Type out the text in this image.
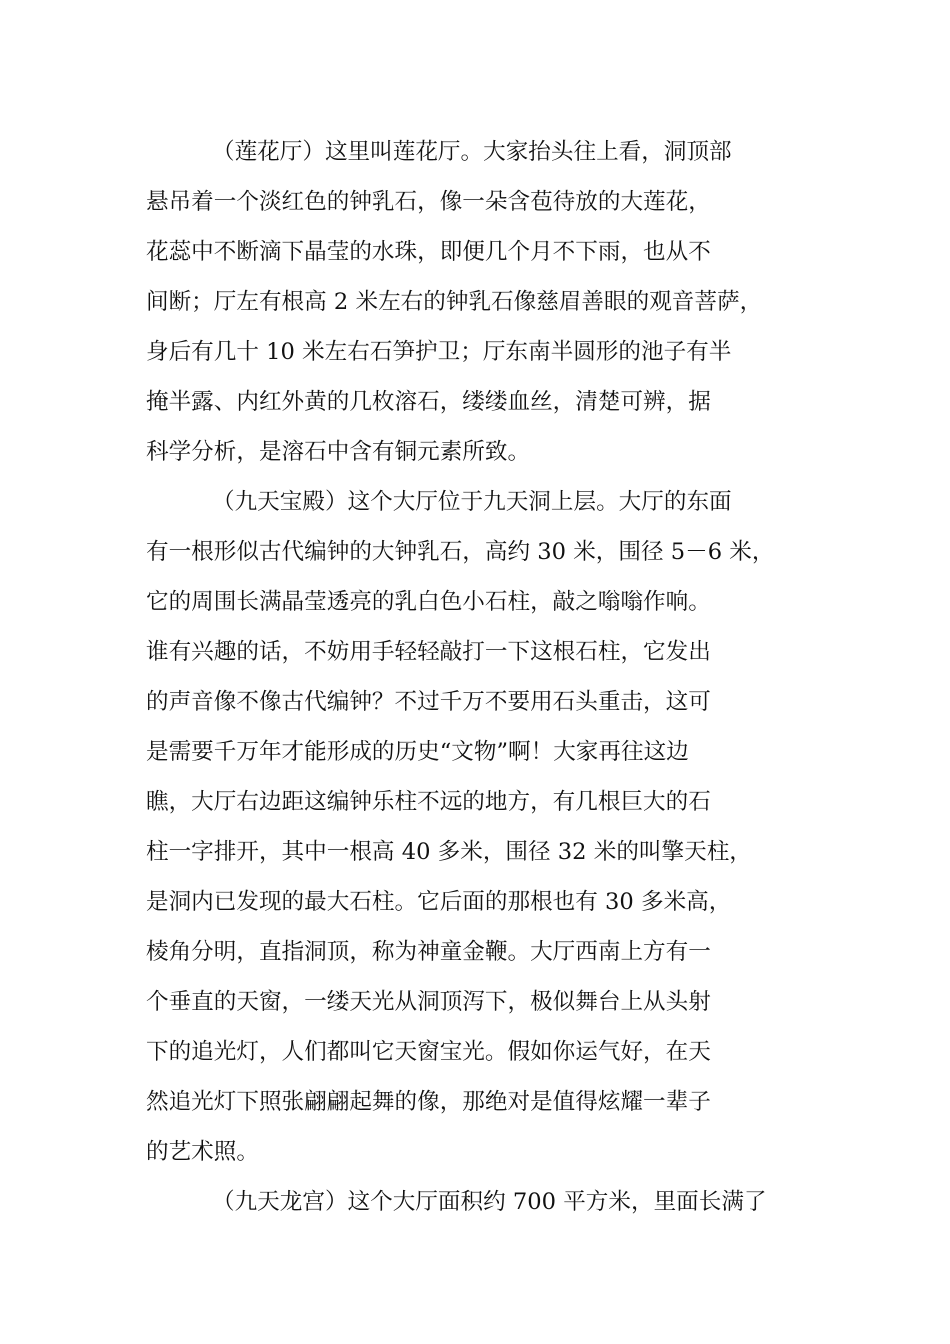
（莲花厅）这里叫莲花厅。大家抬头往上看，洞顶部

悬吊着一个淡红色的钟乳石，像一朵含苞待放的大莲花，

花蕊中不断滴下晶莹的水珠，即便几个月不下雨，也从不

间断；厅左有根高 2 米左右的钟乳石像慈眉善眼的观音菩萨，

身后有几十 10 米左右石笋护卫；厅东南半圆形的池子有半

掩半露、内红外黄的几枚溶石，缕缕血丝，清楚可辨，据

科学分析，是溶石中含有铜元素所致。

（九天宝殿）这个大厅位于九天洞上层。大厅的东面

有一根形似古代编钟的大钟乳石，高约 30 米，围径 5－6 米，

它的周围长满晶莹透亮的乳白色小石柱，敲之嗡嗡作响。

谁有兴趣的话，不妨用手轻轻敲打一下这根石柱，它发出

的声音像不像古代编钟？不过千万不要用石头重击，这可

是需要千万年才能形成的历史“文物”啊！大家再往这边

瞧，大厅右边距这编钟乐柱不远的地方，有几根巨大的石

柱一字排开，其中一根高 40 多米，围径 32 米的叫擎天柱，

是洞内已发现的最大石柱。它后面的那根也有 30 多米高，

棱角分明，直指洞顶，称为神童金鞭。大厅西南上方有一

个垂直的天窗，一缕天光从洞顶泻下，极似舞台上从头射

下的追光灯，人们都叫它天窗宝光。假如你运气好，在天

然追光灯下照张翩翩起舞的像，那绝对是值得炫耀一辈子

的艺术照。

（九天龙宫）这个大厅面积约 700 平方米，里面长满了
